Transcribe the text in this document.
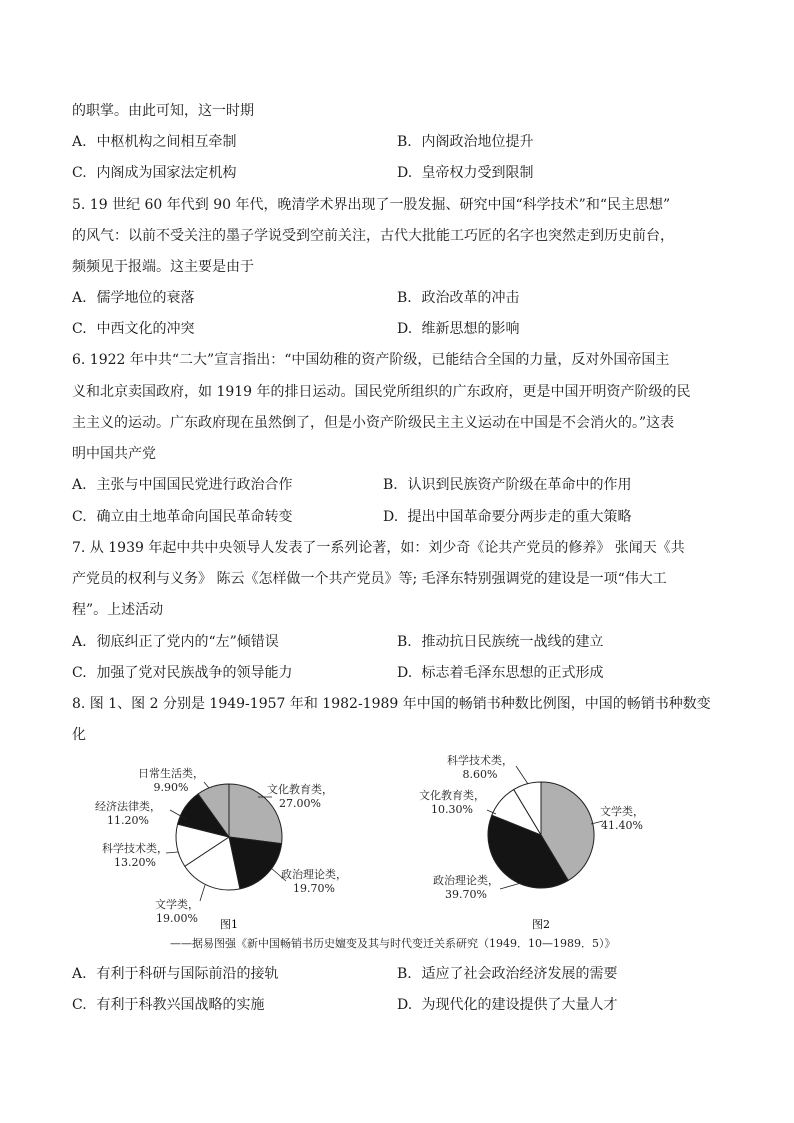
的职掌。由此可知，这一时期
A. 中枢机构之间相互牵制	B. 内阁政治地位提升
C. 内阁成为国家法定机构	D. 皇帝权力受到限制
5. 19 世纪 60 年代到 90 年代，晚清学术界出现了一股发掘、研究中国“科学技术”和“民主思想”
的风气：以前不受关注的墨子学说受到空前关注，古代大批能工巧匠的名字也突然走到历史前台，
频频见于报端。这主要是由于
A. 儒学地位的衰落	B. 政治改革的冲击
C. 中西文化的冲突	D. 维新思想的影响
6. 1922 年中共“二大”宣言指出：“中国幼稚的资产阶级，已能结合全国的力量，反对外国帝国主
义和北京卖国政府，如 1919 年的排日运动。国民党所组织的广东政府，更是中国开明资产阶级的民
主主义的运动。广东政府现在虽然倒了，但是小资产阶级民主主义运动在中国是不会消火的。”这表
明中国共产党
A. 主张与中国国民党进行政治合作	B. 认识到民族资产阶级在革命中的作用
C. 确立由土地革命向国民革命转变	D. 提出中国革命要分两步走的重大策略
7. 从 1939 年起中共中央领导人发表了一系列论著，如：刘少奇《论共产党员的修养》 张闻天《共
产党员的权利与义务》 陈云《怎样做一个共产党员》等; 毛泽东特别强调党的建设是一项“伟大工
程”。上述活动
A. 彻底纠正了党内的“左”倾错误	B. 推动抗日民族统一战线的建立
C. 加强了党对民族战争的领导能力	D. 标志着毛泽东思想的正式形成
8. 图 1、图 2 分别是 1949-1957 年和 1982-1989 年中国的畅销书种数比例图，中国的畅销书种数变
化
文化教育类，
27.00%
政治理论类，
19.70%
文学类，
19.00%
科学技术类，
13.20%
经济法律类，
11.20%
日常生活类，
9.90%
文学类，
41.40%
政治理论类，
39.70%
文化教育类，
10.30%
科学技术类，
8.60%
图1	图2
——据易图强《新中国畅销书历史嬗变及其与时代变迁关系研究（1949．10—1989．5）》
A. 有利于科研与国际前沿的接轨	B. 适应了社会政治经济发展的需要
C. 有利于科教兴国战略的实施	D. 为现代化的建设提供了大量人才
